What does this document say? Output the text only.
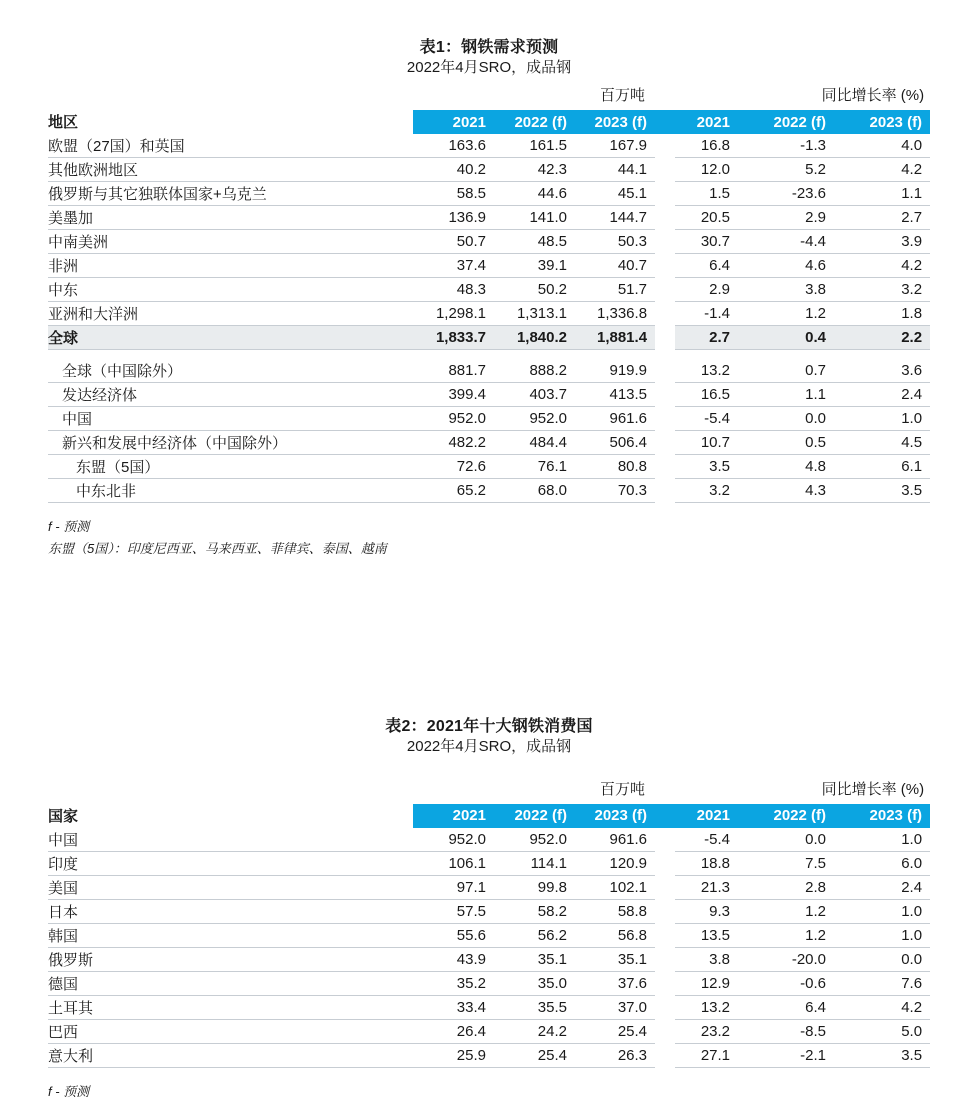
表1：钢铁需求预测
2022年4月SRO，成品钢
	百万吨				同比增长率 (%)		
地区	2021	2022 (f)	2023 (f)		2021	2022 (f)	2023 (f)
欧盟（27国）和英国	163.6	161.5	167.9		16.8	-1.3	4.0
其他欧洲地区	40.2	42.3	44.1		12.0	5.2	4.2
俄罗斯与其它独联体国家+乌克兰	58.5	44.6	45.1		1.5	-23.6	1.1
美墨加	136.9	141.0	144.7		20.5	2.9	2.7
中南美洲	50.7	48.5	50.3		30.7	-4.4	3.9
非洲	37.4	39.1	40.7		6.4	4.6	4.2
中东	48.3	50.2	51.7		2.9	3.8	3.2
亚洲和大洋洲	1,298.1	1,313.1	1,336.8		-1.4	1.2	1.8
全球	1,833.7	1,840.2	1,881.4		2.7	0.4	2.2

全球（中国除外）	881.7	888.2	919.9		13.2	0.7	3.6
发达经济体	399.4	403.7	413.5		16.5	1.1	2.4
中国	952.0	952.0	961.6		-5.4	0.0	1.0
新兴和发展中经济体（中国除外）	482.2	484.4	506.4		10.7	0.5	4.5
东盟（5国）	72.6	76.1	80.8		3.5	4.8	6.1
中东北非	65.2	68.0	70.3		3.2	4.3	3.5
f - 预测
东盟（5国）：印度尼西亚、马来西亚、菲律宾、泰国、越南
表2：2021年十大钢铁消费国
2022年4月SRO，成品钢
	百万吨				同比增长率 (%)		
国家	2021	2022 (f)	2023 (f)		2021	2022 (f)	2023 (f)
中国	952.0	952.0	961.6		-5.4	0.0	1.0
印度	106.1	114.1	120.9		18.8	7.5	6.0
美国	97.1	99.8	102.1		21.3	2.8	2.4
日本	57.5	58.2	58.8		9.3	1.2	1.0
韩国	55.6	56.2	56.8		13.5	1.2	1.0
俄罗斯	43.9	35.1	35.1		3.8	-20.0	0.0
德国	35.2	35.0	37.6		12.9	-0.6	7.6
土耳其	33.4	35.5	37.0		13.2	6.4	4.2
巴西	26.4	24.2	25.4		23.2	-8.5	5.0
意大利	25.9	25.4	26.3		27.1	-2.1	3.5
f - 预测
